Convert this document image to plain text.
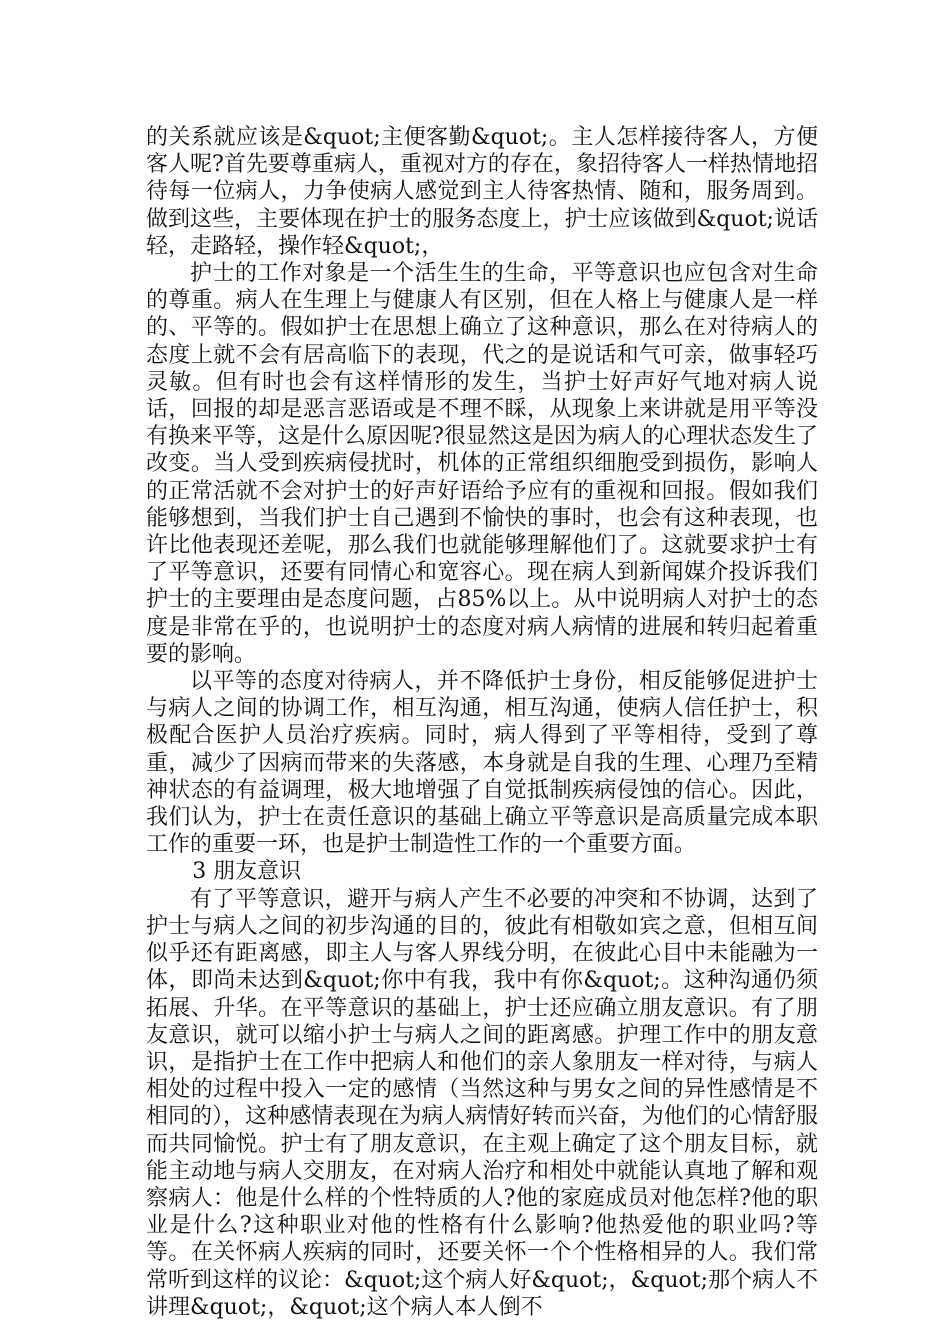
的关系就应该是&quot;主便客勤&quot;。主人怎样接待客人，方便客人呢?首先要尊重病人，重视对方的存在，象招待客人一样热情地招待每一位病人，力争使病人感觉到主人待客热情、随和，服务周到。做到这些，主要体现在护士的服务态度上，护士应该做到&quot;说话轻，走路轻，操作轻&quot;，

护士的工作对象是一个活生生的生命，平等意识也应包含对生命的尊重。病人在生理上与健康人有区别，但在人格上与健康人是一样的、平等的。假如护士在思想上确立了这种意识，那么在对待病人的态度上就不会有居高临下的表现，代之的是说话和气可亲，做事轻巧灵敏。但有时也会有这样情形的发生，当护士好声好气地对病人说话，回报的却是恶言恶语或是不理不睬，从现象上来讲就是用平等没有换来平等，这是什么原因呢?很显然这是因为病人的心理状态发生了改变。当人受到疾病侵扰时，机体的正常组织细胞受到损伤，影响人的正常活就不会对护士的好声好语给予应有的重视和回报。假如我们能够想到，当我们护士自己遇到不愉快的事时，也会有这种表现，也许比他表现还差呢，那么我们也就能够理解他们了。这就要求护士有了平等意识，还要有同情心和宽容心。现在病人到新闻媒介投诉我们护士的主要理由是态度问题，占85%以上。从中说明病人对护士的态度是非常在乎的，也说明护士的态度对病人病情的进展和转归起着重要的影响。

以平等的态度对待病人，并不降低护士身份，相反能够促进护士与病人之间的协调工作，相互沟通，相互沟通，使病人信任护士，积极配合医护人员治疗疾病。同时，病人得到了平等相待，受到了尊重，减少了因病而带来的失落感，本身就是自我的生理、心理乃至精神状态的有益调理，极大地增强了自觉抵制疾病侵蚀的信心。因此，我们认为，护士在责任意识的基础上确立平等意识是高质量完成本职工作的重要一环，也是护士制造性工作的一个重要方面。

3 朋友意识

有了平等意识，避开与病人产生不必要的冲突和不协调，达到了护士与病人之间的初步沟通的目的，彼此有相敬如宾之意，但相互间似乎还有距离感，即主人与客人界线分明，在彼此心目中未能融为一体，即尚未达到&quot;你中有我，我中有你&quot;。这种沟通仍须拓展、升华。在平等意识的基础上，护士还应确立朋友意识。有了朋友意识，就可以缩小护士与病人之间的距离感。护理工作中的朋友意识，是指护士在工作中把病人和他们的亲人象朋友一样对待，与病人相处的过程中投入一定的感情（当然这种与男女之间的异性感情是不相同的），这种感情表现在为病人病情好转而兴奋，为他们的心情舒服而共同愉悦。护士有了朋友意识，在主观上确定了这个朋友目标，就能主动地与病人交朋友，在对病人治疗和相处中就能认真地了解和观察病人：他是什么样的个性特质的人?他的家庭成员对他怎样?他的职业是什么?这种职业对他的性格有什么影响?他热爱他的职业吗?等等。在关怀病人疾病的同时，还要关怀一个个性格相异的人。我们常常听到这样的议论：&quot;这个病人好&quot;，&quot;那个病人不讲理&quot;，&quot;这个病人本人倒不
